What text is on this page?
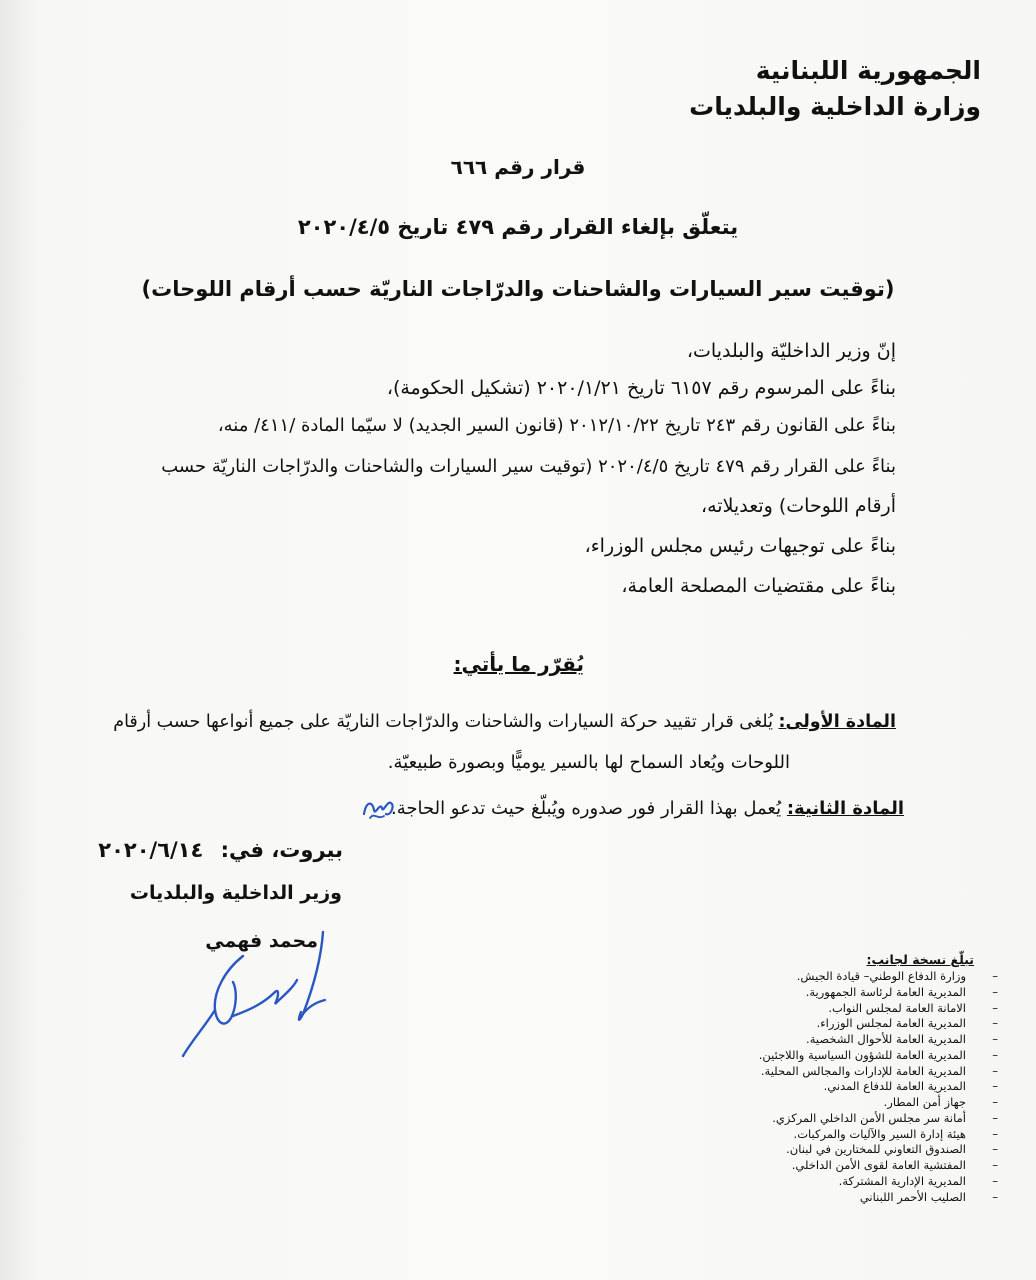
الجمهورية اللبنانية
وزارة الداخلية والبلديات
قرار رقم ٦٦٦
يتعلّق بإلغاء القرار رقم ٤٧٩ تاريخ ٢٠٢٠/٤/٥
(توقيت سير السيارات والشاحنات والدرّاجات الناريّة حسب أرقام اللوحات)
إنّ وزير الداخليّة والبلديات،
بناءً على المرسوم رقم ٦١٥٧ تاريخ ٢٠٢٠/١/٢١ (تشكيل الحكومة)،
بناءً على القانون رقم ٢٤٣ تاريخ ٢٠١٢/١٠/٢٢ (قانون السير الجديد) لا سيّما المادة /٤١١/ منه،
بناءً على القرار رقم ٤٧٩ تاريخ ٢٠٢٠/٤/٥ (توقيت سير السيارات والشاحنات والدرّاجات الناريّة حسب
أرقام اللوحات) وتعديلاته،
بناءً على توجيهات رئيس مجلس الوزراء،
بناءً على مقتضيات المصلحة العامة،
يُقرّر ما يأتي:
المادة الأولى: يُلغى قرار تقييد حركة السيارات والشاحنات والدرّاجات الناريّة على جميع أنواعها حسب أرقام
اللوحات ويُعاد السماح لها بالسير يوميًّا وبصورة طبيعيّة.
المادة الثانية: يُعمل بهذا القرار فور صدوره ويُبلّغ حيث تدعو الحاجة.
بيروت، في: ٢٠٢٠/٦/١٤
وزير الداخلية والبلديات
محمد فهمي
تبلّغ نسخة لجانب:
–
وزارة الدفاع الوطني– قيادة الجيش.
–
المديرية العامة لرئاسة الجمهورية.
–
الامانة العامة لمجلس النواب.
–
المديرية العامة لمجلس الوزراء.
–
المديرية العامة للأحوال الشخصية.
–
المديرية العامة للشؤون السياسية واللاجئين.
–
المديرية العامة للإدارات والمجالس المحلية.
–
المديرية العامة للدفاع المدني.
–
جهاز أمن المطار.
–
أمانة سر مجلس الأمن الداخلي المركزي.
–
هيئة إدارة السير والآليات والمركبات.
–
الصندوق التعاوني للمختارين في لبنان.
–
المفتشية العامة لقوى الأمن الداخلي.
–
المديرية الإدارية المشتركة.
–
الصليب الأحمر اللبناني
